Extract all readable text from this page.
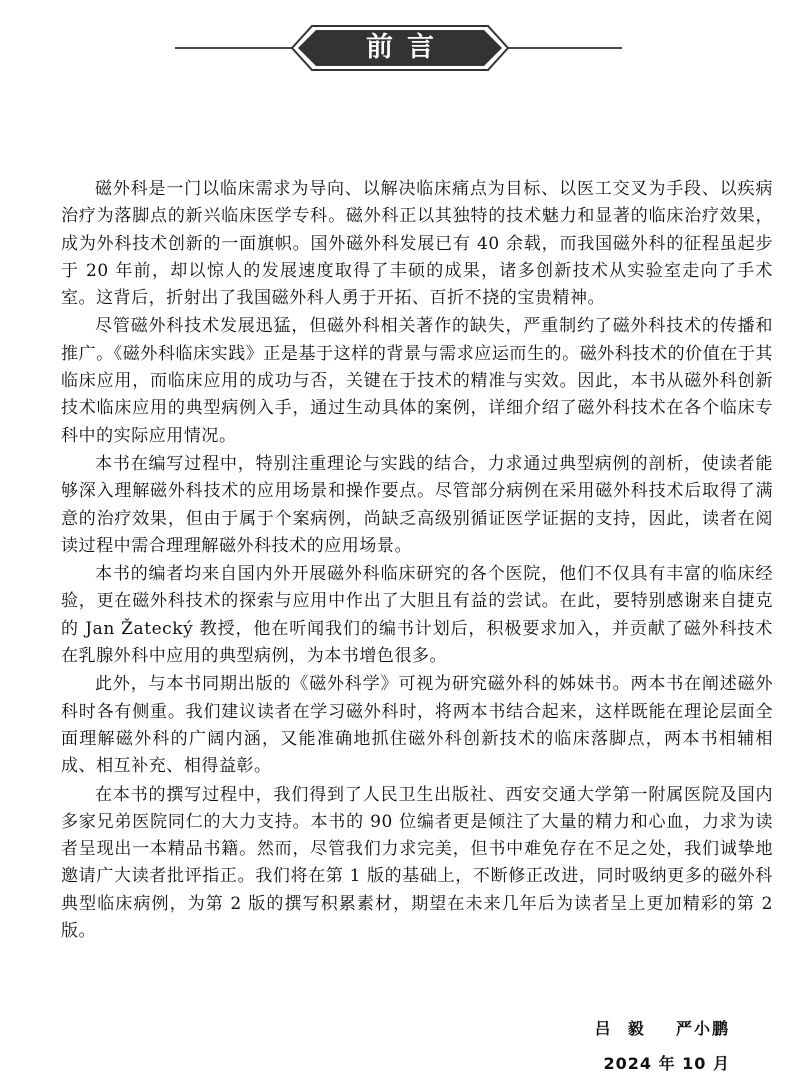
前言

磁外科是一门以临床需求为导向、以解决临床痛点为目标、以医工交叉为手段、以疾病治疗为落脚点的新兴临床医学专科。磁外科正以其独特的技术魅力和显著的临床治疗效果，成为外科技术创新的一面旗帜。国外磁外科发展已有 40 余载，而我国磁外科的征程虽起步于 20 年前，却以惊人的发展速度取得了丰硕的成果，诸多创新技术从实验室走向了手术室。这背后，折射出了我国磁外科人勇于开拓、百折不挠的宝贵精神。

尽管磁外科技术发展迅猛，但磁外科相关著作的缺失，严重制约了磁外科技术的传播和推广。《磁外科临床实践》正是基于这样的背景与需求应运而生的。磁外科技术的价值在于其临床应用，而临床应用的成功与否，关键在于技术的精准与实效。因此，本书从磁外科创新技术临床应用的典型病例入手，通过生动具体的案例，详细介绍了磁外科技术在各个临床专科中的实际应用情况。

本书在编写过程中，特别注重理论与实践的结合，力求通过典型病例的剖析，使读者能够深入理解磁外科技术的应用场景和操作要点。尽管部分病例在采用磁外科技术后取得了满意的治疗效果，但由于属于个案病例，尚缺乏高级别循证医学证据的支持，因此，读者在阅读过程中需合理理解磁外科技术的应用场景。

本书的编者均来自国内外开展磁外科临床研究的各个医院，他们不仅具有丰富的临床经验，更在磁外科技术的探索与应用中作出了大胆且有益的尝试。在此，要特别感谢来自捷克的 Jan Žatecký 教授，他在听闻我们的编书计划后，积极要求加入，并贡献了磁外科技术在乳腺外科中应用的典型病例，为本书增色很多。

此外，与本书同期出版的《磁外科学》可视为研究磁外科的姊妹书。两本书在阐述磁外科时各有侧重。我们建议读者在学习磁外科时，将两本书结合起来，这样既能在理论层面全面理解磁外科的广阔内涵，又能准确地抓住磁外科创新技术的临床落脚点，两本书相辅相成、相互补充、相得益彰。

在本书的撰写过程中，我们得到了人民卫生出版社、西安交通大学第一附属医院及国内多家兄弟医院同仁的大力支持。本书的 90 位编者更是倾注了大量的精力和心血，力求为读者呈现出一本精品书籍。然而，尽管我们力求完美，但书中难免存在不足之处，我们诚挚地邀请广大读者批评指正。我们将在第 1 版的基础上，不断修正改进，同时吸纳更多的磁外科典型临床病例，为第 2 版的撰写积累素材，期望在未来几年后为读者呈上更加精彩的第 2 版。

吕  毅    严小鹏
2024 年 10 月
